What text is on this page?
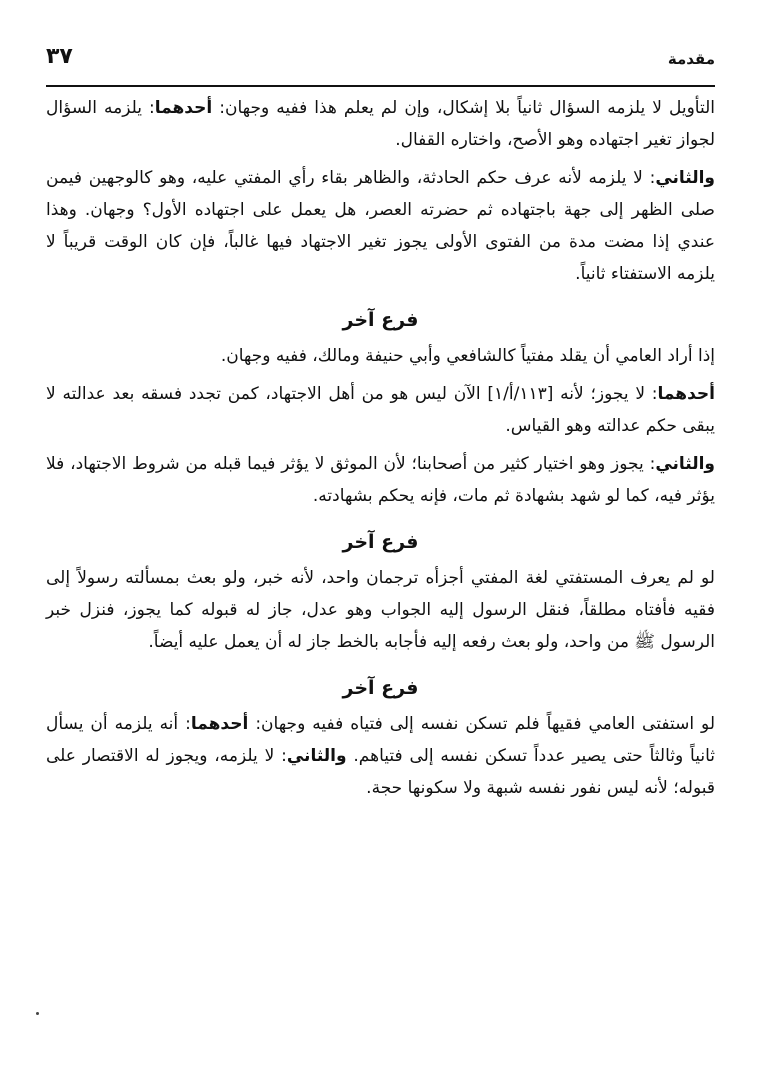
مقدمة
٣٧

التأويل لا يلزمه السؤال ثانياً بلا إشكال، وإن لم يعلم هذا ففيه وجهان: أحدهما: يلزمه السؤال لجواز تغير اجتهاده وهو الأصح، واختاره القفال.

والثاني: لا يلزمه لأنه عرف حكم الحادثة، والظاهر بقاء رأي المفتي عليه، وهو كالوجهين فيمن صلى الظهر إلى جهة باجتهاده ثم حضرته العصر، هل يعمل على اجتهاده الأول؟ وجهان. وهذا عندي إذا مضت مدة من الفتوى الأولى يجوز تغير الاجتهاد فيها غالباً، فإن كان الوقت قريباً لا يلزمه الاستفتاء ثانياً.

فرع آخر

إذا أراد العامي أن يقلد مفتياً كالشافعي وأبي حنيفة ومالك، ففيه وجهان.

أحدهما: لا يجوز؛ لأنه [١١٣/أ/١] الآن ليس هو من أهل الاجتهاد، كمن تجدد فسقه بعد عدالته لا يبقى حكم عدالته وهو القياس.

والثاني: يجوز وهو اختيار كثير من أصحابنا؛ لأن الموثق لا يؤثر فيما قبله من شروط الاجتهاد، فلا يؤثر فيه، كما لو شهد بشهادة ثم مات، فإنه يحكم بشهادته.

فرع آخر

لو لم يعرف المستفتي لغة المفتي أجزأه ترجمان واحد، لأنه خبر، ولو بعث بمسألته رسولاً إلى فقيه فأفتاه مطلقاً، فنقل الرسول إليه الجواب وهو عدل، جاز له قبوله كما يجوز، فنزل خبر الرسول ﷺ من واحد، ولو بعث رفعه إليه فأجابه بالخط جاز له أن يعمل عليه أيضاً.

فرع آخر

لو استفتى العامي فقيهاً فلم تسكن نفسه إلى فتياه ففيه وجهان: أحدهما: أنه يلزمه أن يسأل ثانياً وثالثاً حتى يصير عدداً تسكن نفسه إلى فتياهم. والثاني: لا يلزمه، ويجوز له الاقتصار على قبوله؛ لأنه ليس نفور نفسه شبهة ولا سكونها حجة.
